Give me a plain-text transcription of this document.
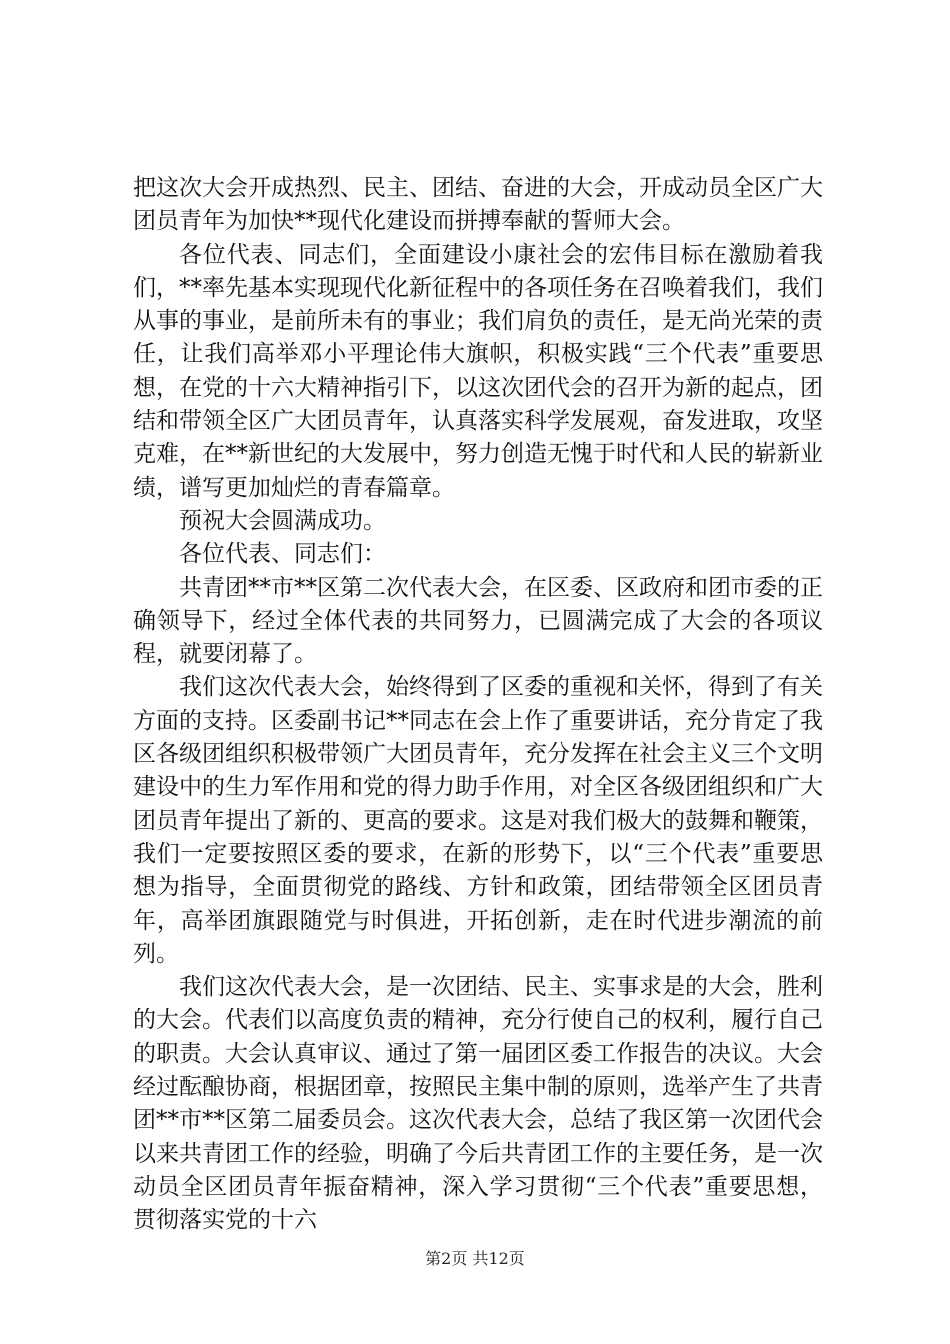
把这次大会开成热烈、民主、团结、奋进的大会，开成动员全区广大团员青年为加快**现代化建设而拼搏奉献的誓师大会。

各位代表、同志们，全面建设小康社会的宏伟目标在激励着我们，**率先基本实现现代化新征程中的各项任务在召唤着我们，我们从事的事业，是前所未有的事业；我们肩负的责任，是无尚光荣的责任，让我们高举邓小平理论伟大旗帜，积极实践“三个代表”重要思想，在党的十六大精神指引下，以这次团代会的召开为新的起点，团结和带领全区广大团员青年，认真落实科学发展观，奋发进取，攻坚克难，在**新世纪的大发展中，努力创造无愧于时代和人民的崭新业绩，谱写更加灿烂的青春篇章。

预祝大会圆满成功。

各位代表、同志们：

共青团**市**区第二次代表大会，在区委、区政府和团市委的正确领导下，经过全体代表的共同努力，已圆满完成了大会的各项议程，就要闭幕了。

我们这次代表大会，始终得到了区委的重视和关怀，得到了有关方面的支持。区委副书记**同志在会上作了重要讲话，充分肯定了我区各级团组织积极带领广大团员青年，充分发挥在社会主义三个文明建设中的生力军作用和党的得力助手作用，对全区各级团组织和广大团员青年提出了新的、更高的要求。这是对我们极大的鼓舞和鞭策，我们一定要按照区委的要求，在新的形势下，以“三个代表”重要思想为指导，全面贯彻党的路线、方针和政策，团结带领全区团员青年，高举团旗跟随党与时俱进，开拓创新，走在时代进步潮流的前列。

我们这次代表大会，是一次团结、民主、实事求是的大会，胜利的大会。代表们以高度负责的精神，充分行使自己的权利，履行自己的职责。大会认真审议、通过了第一届团区委工作报告的决议。大会经过酝酿协商，根据团章，按照民主集中制的原则，选举产生了共青团**市**区第二届委员会。这次代表大会，总结了我区第一次团代会以来共青团工作的经验，明确了今后共青团工作的主要任务，是一次动员全区团员青年振奋精神，深入学习贯彻“三个代表”重要思想，贯彻落实党的十六

第2页 共12页
